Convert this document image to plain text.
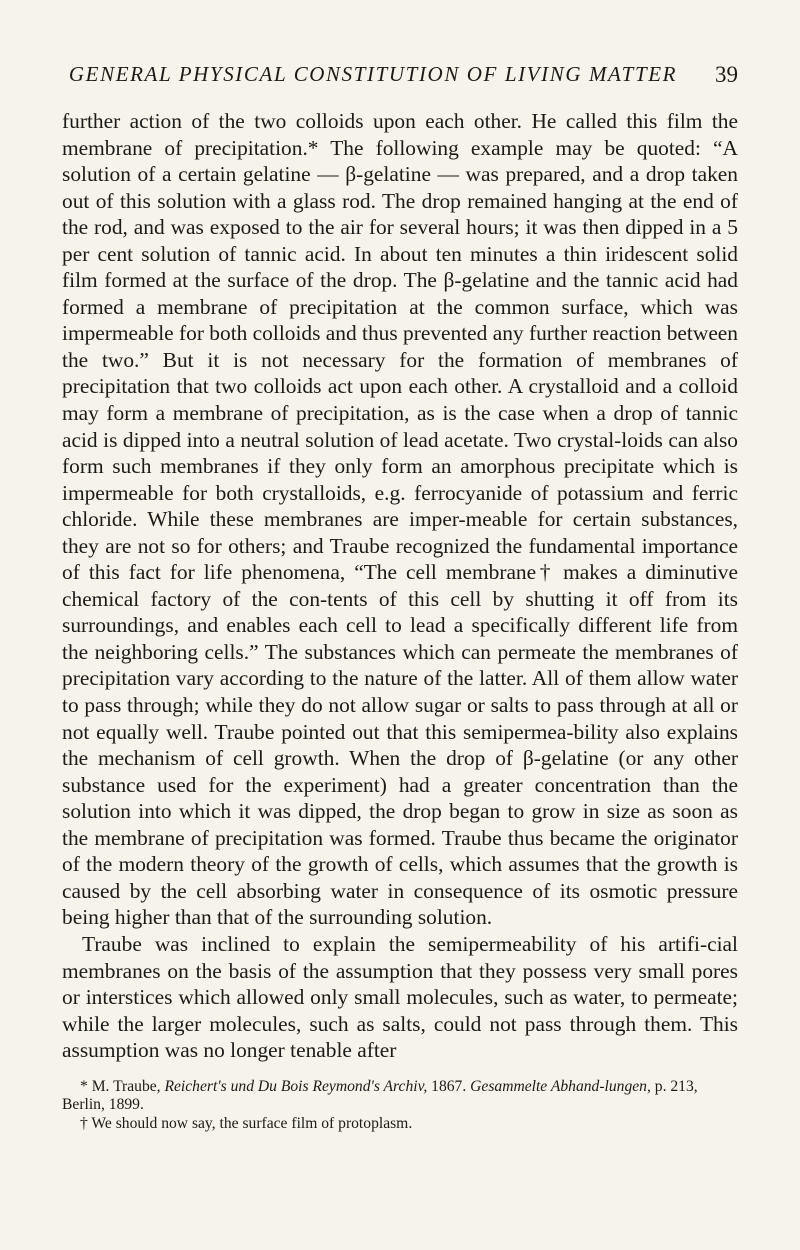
GENERAL PHYSICAL CONSTITUTION OF LIVING MATTER 39

further action of the two colloids upon each other. He called this film the membrane of precipitation.* The following example may be quoted: “A solution of a certain gelatine — β-gelatine — was prepared, and a drop taken out of this solution with a glass rod. The drop remained hanging at the end of the rod, and was exposed to the air for several hours; it was then dipped in a 5 per cent solution of tannic acid. In about ten minutes a thin iridescent solid film formed at the surface of the drop. The β-gelatine and the tannic acid had formed a membrane of precipitation at the common surface, which was impermeable for both colloids and thus prevented any further reaction between the two.” But it is not necessary for the formation of membranes of precipitation that two colloids act upon each other. A crystalloid and a colloid may form a membrane of precipitation, as is the case when a drop of tannic acid is dipped into a neutral solution of lead acetate. Two crystal-loids can also form such membranes if they only form an amorphous precipitate which is impermeable for both crystalloids, e.g. ferrocyanide of potassium and ferric chloride. While these membranes are imper-meable for certain substances, they are not so for others; and Traube recognized the fundamental importance of this fact for life phenomena, “The cell membrane† makes a diminutive chemical factory of the con-tents of this cell by shutting it off from its surroundings, and enables each cell to lead a specifically different life from the neighboring cells.” The substances which can permeate the membranes of precipitation vary according to the nature of the latter. All of them allow water to pass through; while they do not allow sugar or salts to pass through at all or not equally well. Traube pointed out that this semipermea-bility also explains the mechanism of cell growth. When the drop of β-gelatine (or any other substance used for the experiment) had a greater concentration than the solution into which it was dipped, the drop began to grow in size as soon as the membrane of precipitation was formed. Traube thus became the originator of the modern theory of the growth of cells, which assumes that the growth is caused by the cell absorbing water in consequence of its osmotic pressure being higher than that of the surrounding solution.

Traube was inclined to explain the semipermeability of his artifi-cial membranes on the basis of the assumption that they possess very small pores or interstices which allowed only small molecules, such as water, to permeate; while the larger molecules, such as salts, could not pass through them. This assumption was no longer tenable after

* M. Traube, Reichert's und Du Bois Reymond's Archiv, 1867. Gesammelte Abhand-lungen, p. 213, Berlin, 1899.

† We should now say, the surface film of protoplasm.
